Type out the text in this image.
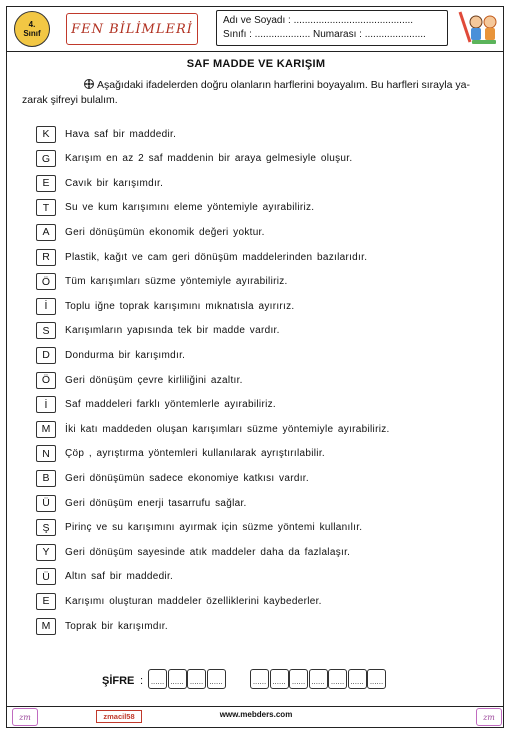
4.
Sınıf	FEN BİLİMLERİ
Adı ve Soyadı : ...........................................
Sınıfı : .................... Numarası : ......................
SAF MADDE VE KARIŞIM
Aşağıdaki ifadelerden doğru olanların harflerini boyayalım. Bu harfleri sırayla ya-
zarak şifreyi bulalım.
K	Hava saf bir maddedir.
G	Karışım en az 2 saf maddenin bir araya gelmesiyle oluşur.
E	Cavık bir karışımdır.
T	Su ve kum karışımını eleme yöntemiyle ayırabiliriz.
A	Geri dönüşümün ekonomik değeri yoktur.
R	Plastik, kağıt ve cam geri dönüşüm maddelerinden bazılarıdır.
Ö	Tüm karışımları süzme yöntemiyle ayırabiliriz.
İ	Toplu iğne toprak karışımını mıknatısla ayırırız.
S	Karışımların yapısında tek bir madde vardır.
D	Dondurma bir karışımdır.
Ö	Geri dönüşüm çevre kirliliğini azaltır.
İ	Saf maddeleri farklı yöntemlerle ayırabiliriz.
M	İki katı maddeden oluşan karışımları süzme yöntemiyle ayırabiliriz.
N	Çöp , ayrıştırma yöntemleri kullanılarak ayrıştırılabilir.
B	Geri dönüşümün sadece ekonomiye katkısı vardır.
Ü	Geri dönüşüm enerji tasarrufu sağlar.
Ş	Pirinç ve su karışımını ayırmak için süzme yöntemi kullanılır.
Y	Geri dönüşüm sayesinde atık maddeler daha da fazlalaşır.
Ü	Altın saf bir maddedir.
E	Karışımı oluşturan maddeler özelliklerini kaybederler.
M	Toprak bir karışımdır.
ŞİFRE : ...... ...... ...... ......	...... ...... ...... ...... ...... ...... ......
zm	zmacil58	www.mebders.com	zm
